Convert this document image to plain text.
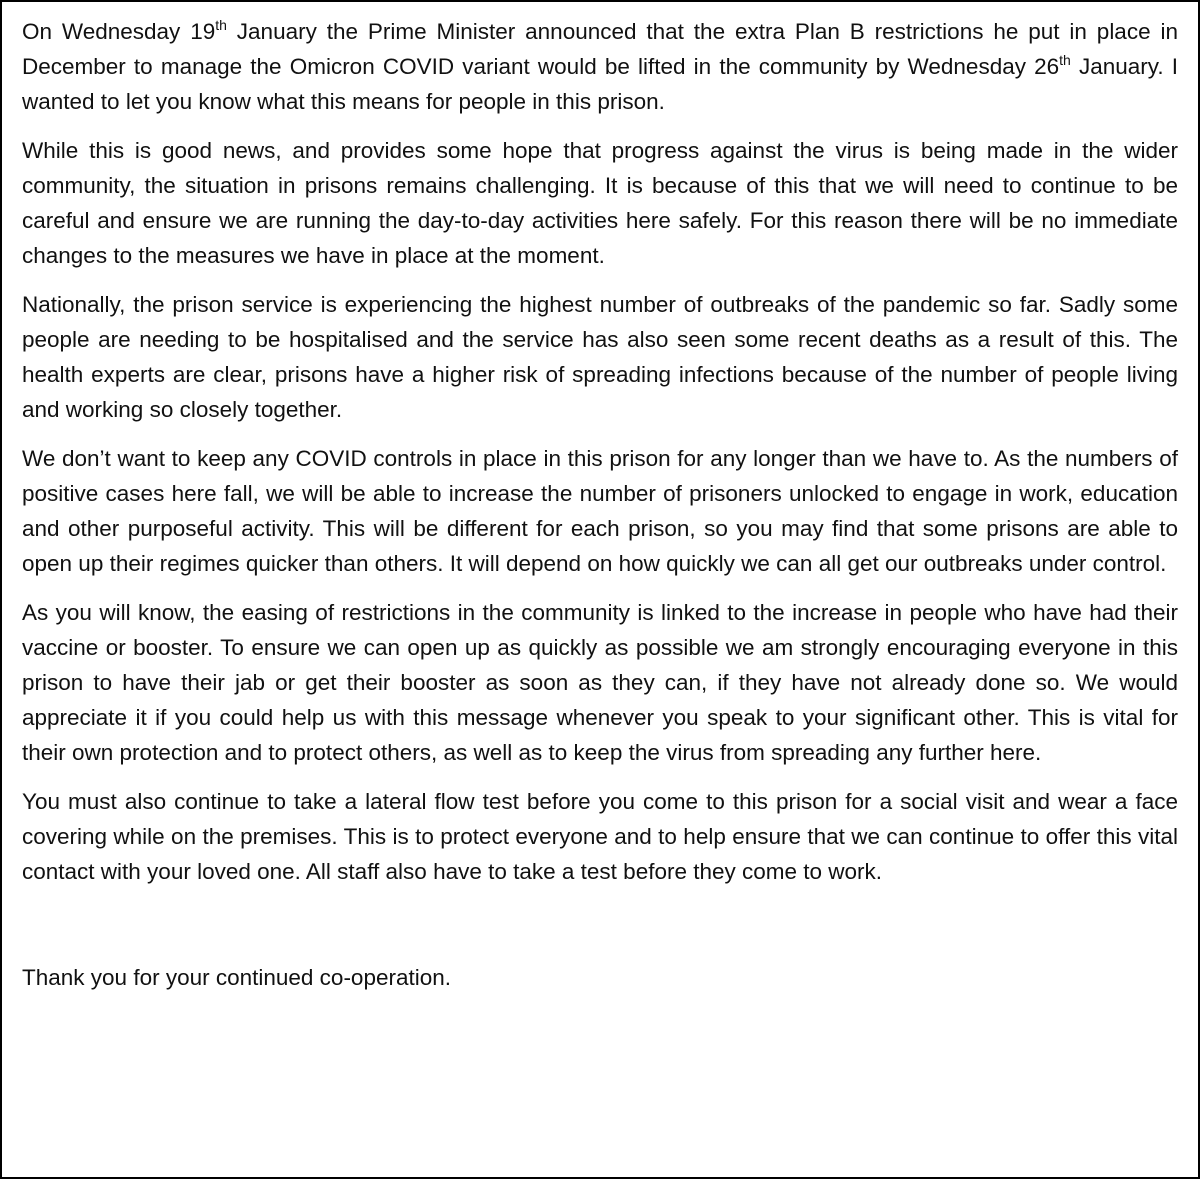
On Wednesday 19th January the Prime Minister announced that the extra Plan B restrictions he put in place in December to manage the Omicron COVID variant would be lifted in the community by Wednesday 26th January. I wanted to let you know what this means for people in this prison.

While this is good news, and provides some hope that progress against the virus is being made in the wider community, the situation in prisons remains challenging. It is because of this that we will need to continue to be careful and ensure we are running the day-to-day activities here safely. For this reason there will be no immediate changes to the measures we have in place at the moment.

Nationally, the prison service is experiencing the highest number of outbreaks of the pandemic so far. Sadly some people are needing to be hospitalised and the service has also seen some recent deaths as a result of this. The health experts are clear, prisons have a higher risk of spreading infections because of the number of people living and working so closely together.

We don’t want to keep any COVID controls in place in this prison for any longer than we have to. As the numbers of positive cases here fall, we will be able to increase the number of prisoners unlocked to engage in work, education and other purposeful activity. This will be different for each prison, so you may find that some prisons are able to open up their regimes quicker than others. It will depend on how quickly we can all get our outbreaks under control.

As you will know, the easing of restrictions in the community is linked to the increase in people who have had their vaccine or booster. To ensure we can open up as quickly as possible we am strongly encouraging everyone in this prison to have their jab or get their booster as soon as they can, if they have not already done so. We would appreciate it if you could help us with this message whenever you speak to your significant other. This is vital for their own protection and to protect others, as well as to keep the virus from spreading any further here.

You must also continue to take a lateral flow test before you come to this prison for a social visit and wear a face covering while on the premises. This is to protect everyone and to help ensure that we can continue to offer this vital contact with your loved one. All staff also have to take a test before they come to work.

Thank you for your continued co-operation.
